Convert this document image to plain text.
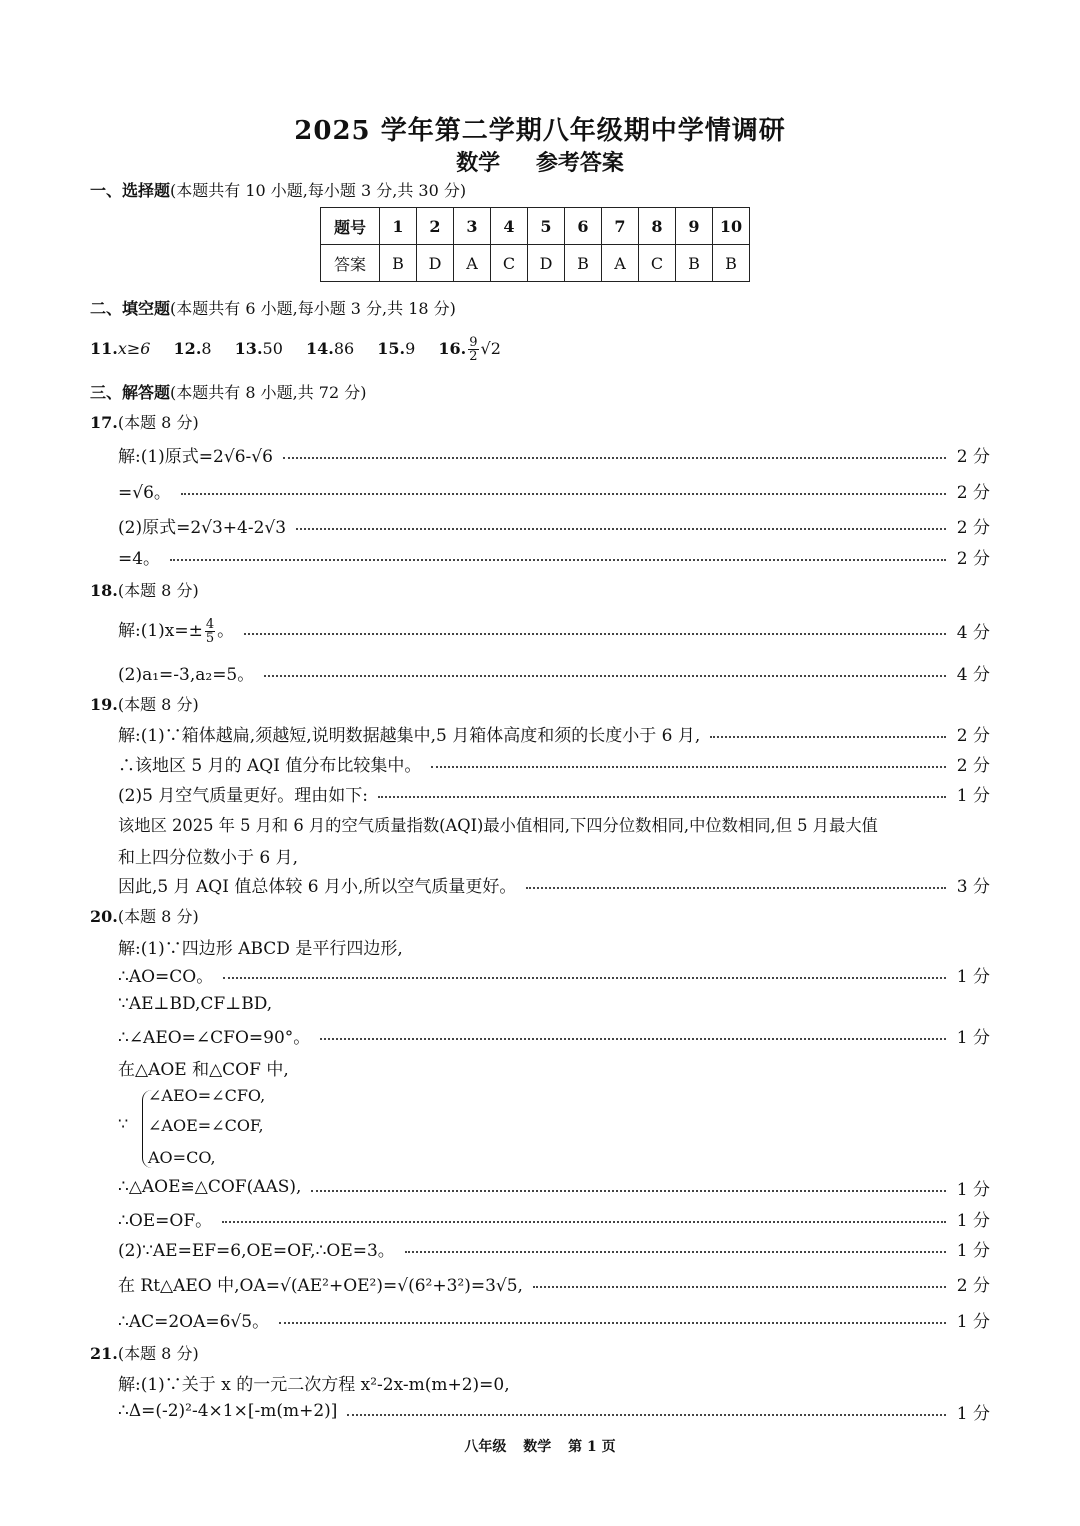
2025 学年第二学期八年级期中学情调研
数学 参考答案
一、选择题(本题共有 10 小题,每小题 3 分,共 30 分)
题号	1	2	3	4	5	6	7	8	9	10
答案	B	D	A	C	D	B	A	C	B	B
二、填空题(本题共有 6 小题,每小题 3 分,共 18 分)
11.x≥6 12.8 13.50 14.86 15.9 16. $\frac{9}{2} √2$
三、解答题(本题共有 8 小题,共 72 分)
17.(本题 8 分)
解:(1)原式=2√6-√6	2 分
=√6。	2 分
(2)原式=2√3+4-2√3	2 分
=4。	2 分
18.(本题 8 分)
解:(1)x=± $\frac{4}{5}$ 。	4 分
(2)a₁=-3,a₂=5。	4 分
19.(本题 8 分)
解:(1)∵箱体越扁,须越短,说明数据越集中,5 月箱体高度和须的长度小于 6 月,	2 分
∴该地区 5 月的 AQI 值分布比较集中。	2 分
(2)5 月空气质量更好。理由如下:	1 分
该地区 2025 年 5 月和 6 月的空气质量指数(AQI)最小值相同,下四分位数相同,中位数相同,但 5 月最大值
和上四分位数小于 6 月,
因此,5 月 AQI 值总体较 6 月小,所以空气质量更好。	3 分
20.(本题 8 分)
解:(1)∵四边形 ABCD 是平行四边形,
∴AO=CO。	1 分
∵AE⊥BD,CF⊥BD,
∴∠AEO=∠CFO=90°。	1 分
在△AOE 和△COF 中,
∵
∠AEO=∠CFO,
∠AOE=∠COF,
AO=CO,
∴△AOE≌△COF(AAS),	1 分
∴OE=OF。	1 分
(2)∵AE=EF=6,OE=OF,∴OE=3。	1 分
在 Rt△AEO 中,OA=√(AE²+OE²)=√(6²+3²)=3√5,	2 分
∴AC=2OA=6√5。	1 分
21.(本题 8 分)
解:(1)∵关于 x 的一元二次方程 x²-2x-m(m+2)=0,
∴Δ=(-2)²-4×1×[-m(m+2)]	1 分
八年级 数学 第 1 页
